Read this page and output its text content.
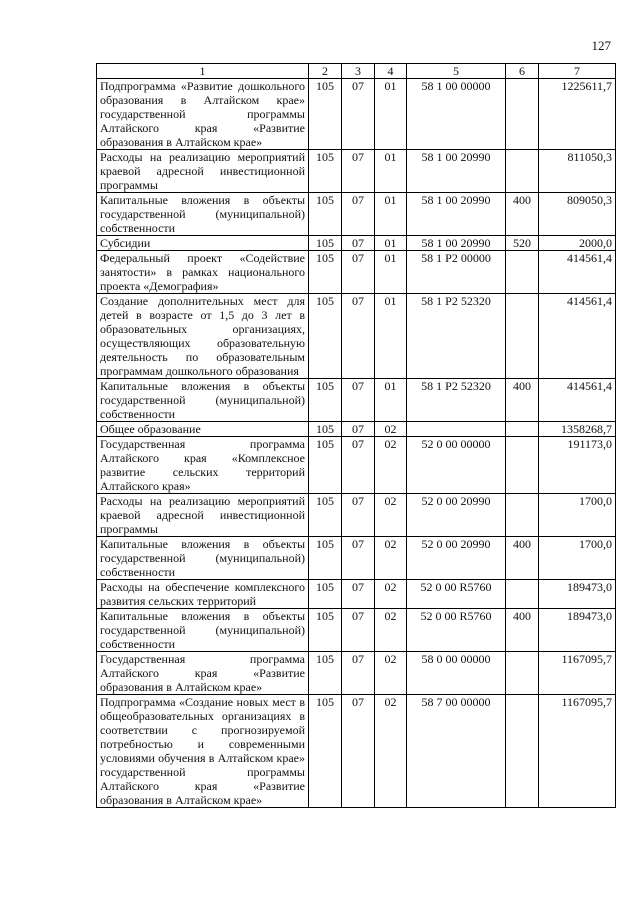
127
1	2	3	4	5	6	7
Подпрограмма «Развитие дошкольного образования в Алтайском крае» государственной программы Алтайского края «Развитие образования в Алтайском крае»	105	07	01	58 1 00 00000		1225611,7
Расходы на реализацию мероприятий краевой адресной инвестиционной программы	105	07	01	58 1 00 20990		811050,3
Капитальные вложения в объекты государственной (муниципальной) собственности	105	07	01	58 1 00 20990	400	809050,3
Субсидии	105	07	01	58 1 00 20990	520	2000,0
Федеральный проект «Содействие занятости» в рамках национального проекта «Демография»	105	07	01	58 1 P2 00000		414561,4
Создание дополнительных мест для детей в возрасте от 1,5 до 3 лет в образовательных организациях, осуществляющих образовательную деятельность по образовательным программам дошкольного образования	105	07	01	58 1 P2 52320		414561,4
Капитальные вложения в объекты государственной (муниципальной) собственности	105	07	01	58 1 P2 52320	400	414561,4
Общее образование	105	07	02			1358268,7
Государственная программа Алтайского края «Комплексное развитие сельских территорий Алтайского края»	105	07	02	52 0 00 00000		191173,0
Расходы на реализацию мероприятий краевой адресной инвестиционной программы	105	07	02	52 0 00 20990		1700,0
Капитальные вложения в объекты государственной (муниципальной) собственности	105	07	02	52 0 00 20990	400	1700,0
Расходы на обеспечение комплексного развития сельских территорий	105	07	02	52 0 00 R5760		189473,0
Капитальные вложения в объекты государственной (муниципальной) собственности	105	07	02	52 0 00 R5760	400	189473,0
Государственная программа Алтайского края «Развитие образования в Алтайском крае»	105	07	02	58 0 00 00000		1167095,7
Подпрограмма «Создание новых мест в общеобразовательных организациях в соответствии с прогнозируемой потребностью и современными условиями обучения в Алтайском крае» государственной программы Алтайского края «Развитие образования в Алтайском крае»	105	07	02	58 7 00 00000		1167095,7
